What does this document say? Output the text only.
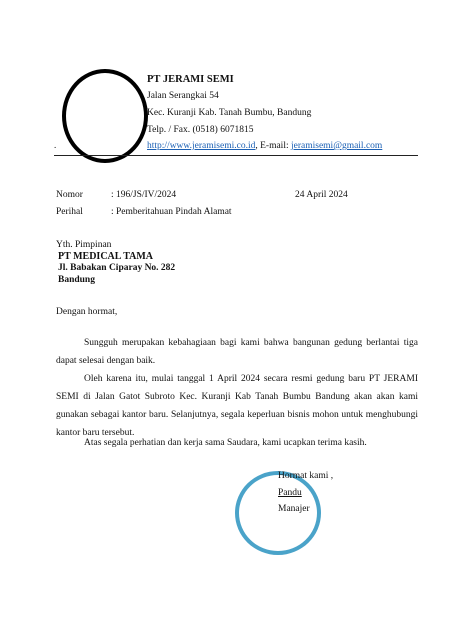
.
PT JERAMI SEMI
Jalan Serangkai 54
Kec. Kuranji Kab. Tanah Bumbu, Bandung
Telp. / Fax. (0518) 6071815
http://www.jeramisemi.co.id, E-mail: jeramisemi@gmail.com
Nomor	: 196/JS/IV/2024	24 April 2024
Perihal	: Pemberitahuan Pindah Alamat
Yth. Pimpinan
PT MEDICAL TAMA
Jl. Babakan Ciparay No. 282
Bandung
Dengan hormat,
Sungguh merupakan kebahagiaan bagi kami bahwa bangunan gedung berlantai tiga dapat selesai dengan baik.
Oleh karena itu, mulai tanggal 1 April 2024 secara resmi gedung baru PT JERAMI SEMI di Jalan Gatot Subroto Kec. Kuranji Kab Tanah Bumbu Bandung akan akan kami gunakan sebagai kantor baru. Selanjutnya, segala keperluan bisnis mohon untuk menghubungi kantor baru tersebut.
Atas segala perhatian dan kerja sama Saudara, kami ucapkan terima kasih.
Hormat kami ,
Pandu
Manajer
